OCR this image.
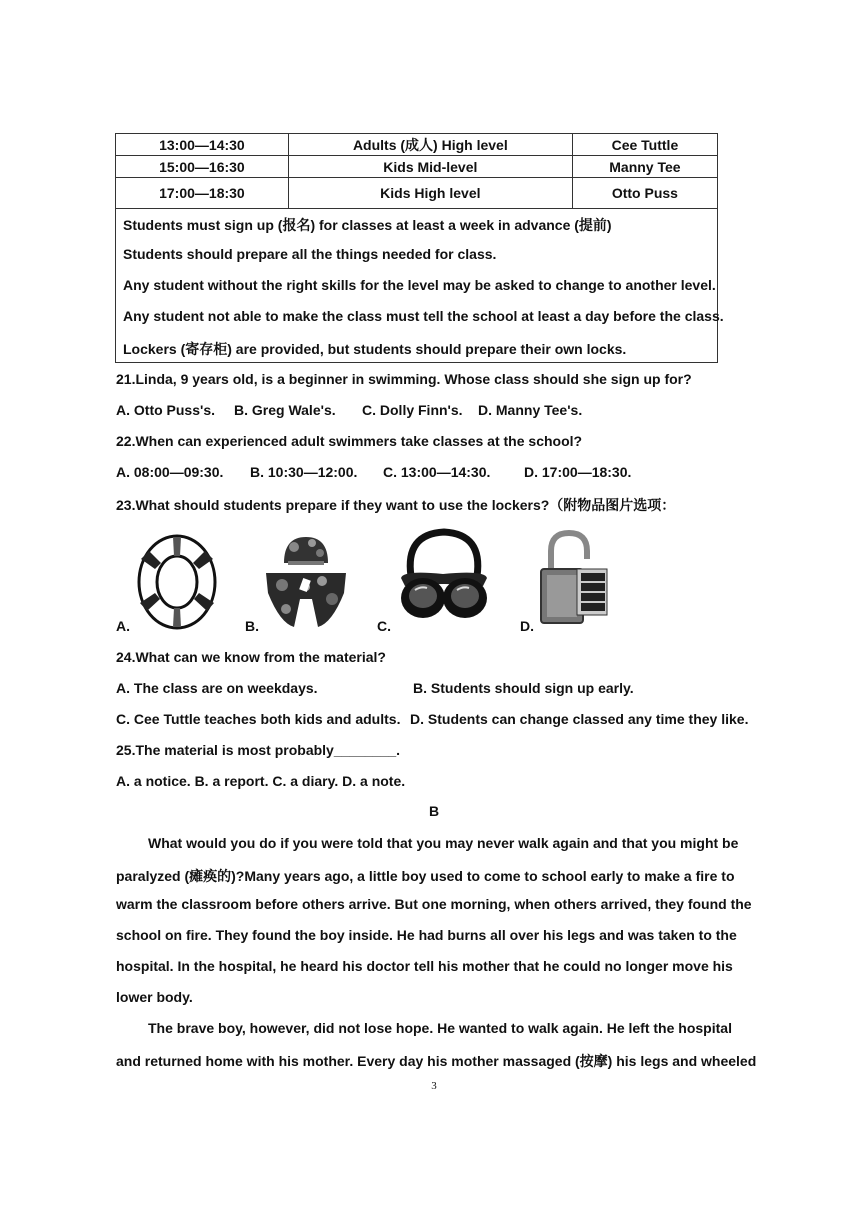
13:00—14:30	Adults (成人) High level	Cee Tuttle
15:00—16:30	Kids Mid-level	Manny Tee
17:00—18:30	Kids High level	Otto Puss
Students must sign up (报名) for classes at least a week in advance (提前)
Students should prepare all the things needed for class.
Any student without the right skills for the level may be asked to change to another level.
Any student not able to make the class must tell the school at least a day before the class.
Lockers (寄存柜) are provided, but students should prepare their own locks.
21.Linda, 9 years old, is a beginner in swimming. Whose class should she sign up for?
A. Otto Puss's. B. Greg Wale's. C. Dolly Finn's. D. Manny Tee's.
22.When can experienced adult swimmers take classes at the school?
A. 08:00—09:30. B. 10:30—12:00. C. 13:00—14:30. D. 17:00—18:30.
23.What should students prepare if they want to use the lockers?（附物品图片选项：
A.	B.	C.	D.
24.What can we know from the material?
A. The class are on weekdays.	B. Students should sign up early.
C. Cee Tuttle teaches both kids and adults. D. Students can change classed any time they like.
25.The material is most probably________.
A. a notice. B. a report. C. a diary. D. a note.
B
What would you do if you were told that you may never walk again and that you might be
paralyzed (瘫痪的)?Many years ago, a little boy used to come to school early to make a fire to
warm the classroom before others arrive. But one morning, when others arrived, they found the
school on fire. They found the boy inside. He had burns all over his legs and was taken to the
hospital. In the hospital, he heard his doctor tell his mother that he could no longer move his
lower body.
The brave boy, however, did not lose hope. He wanted to walk again. He left the hospital
and returned home with his mother. Every day his mother massaged (按摩) his legs and wheeled
3
